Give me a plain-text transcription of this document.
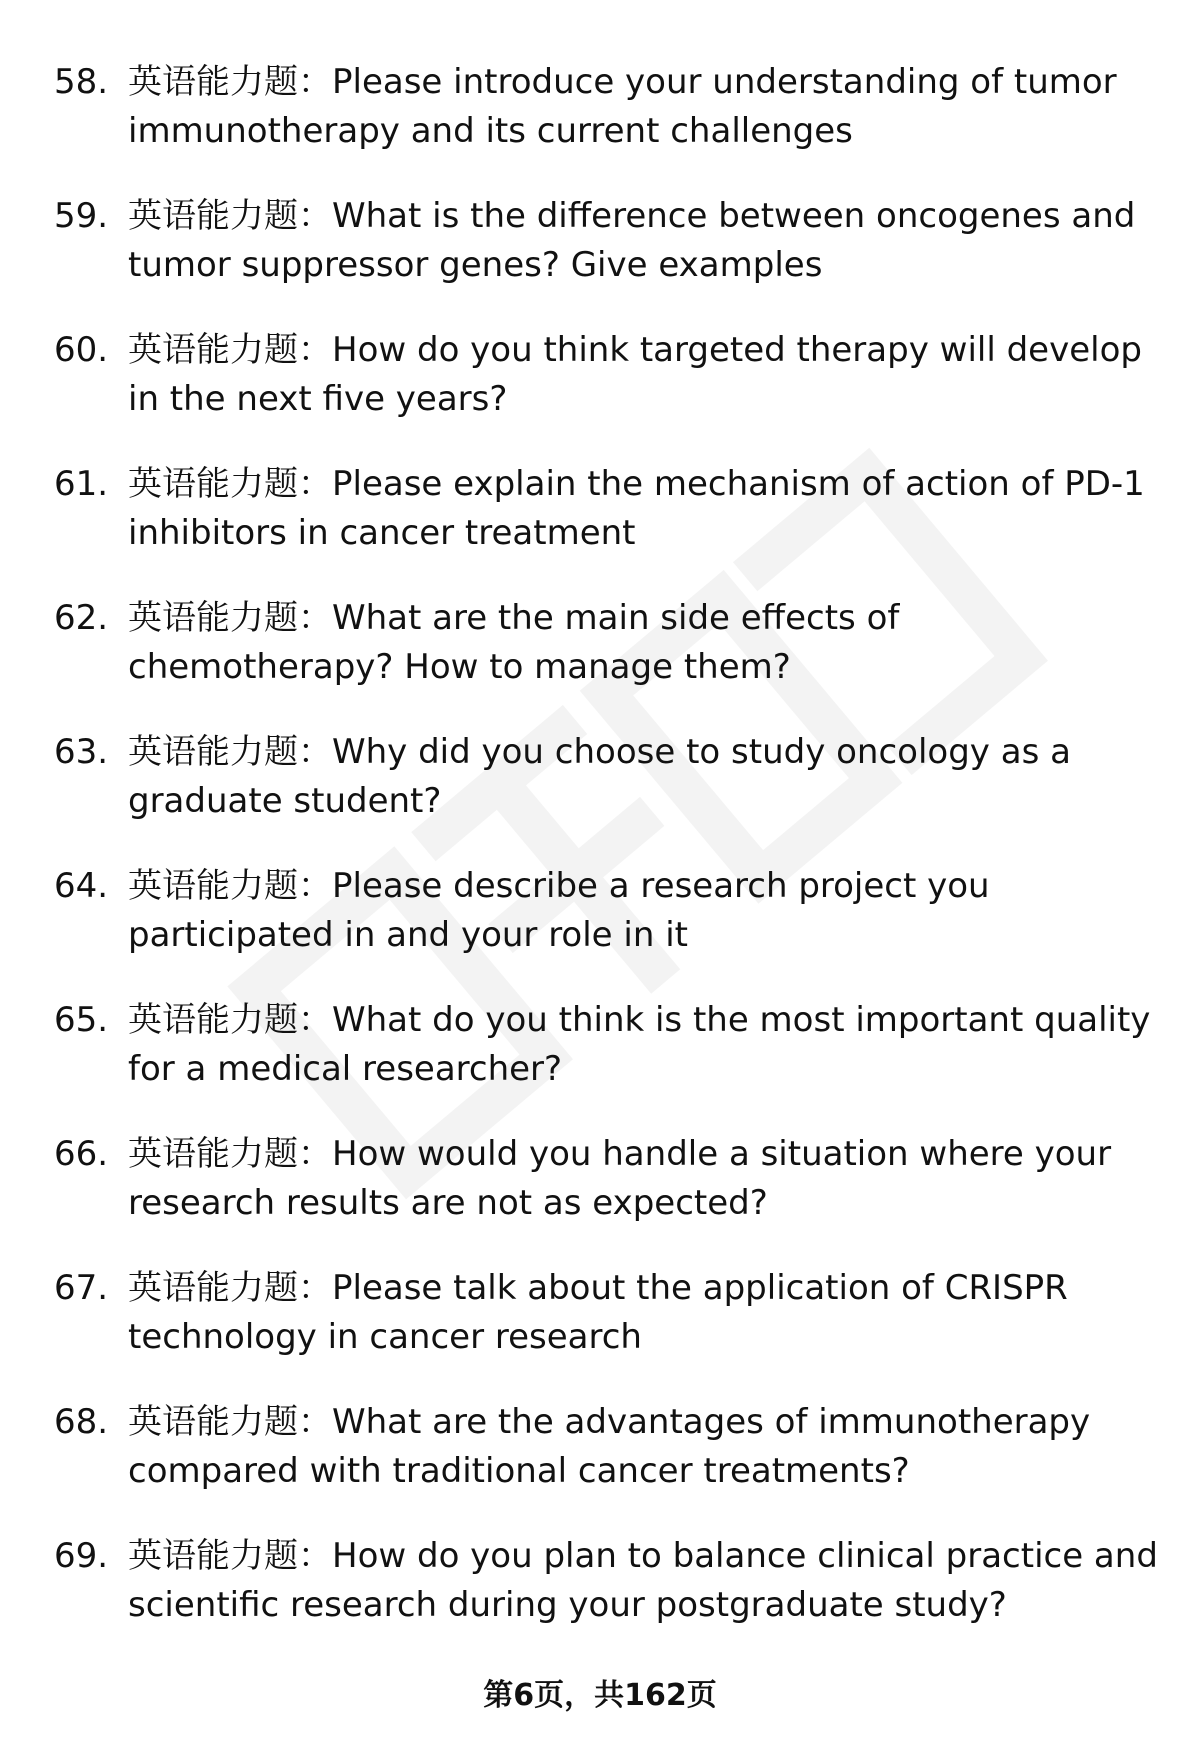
58. 英语能力题：Please introduce your understanding of tumor immunotherapy and its current challenges
59. 英语能力题：What is the difference between oncogenes and tumor suppressor genes? Give examples
60. 英语能力题：How do you think targeted therapy will develop in the next five years?
61. 英语能力题：Please explain the mechanism of action of PD-1 inhibitors in cancer treatment
62. 英语能力题：What are the main side effects of chemotherapy? How to manage them?
63. 英语能力题：Why did you choose to study oncology as a graduate student?
64. 英语能力题：Please describe a research project you participated in and your role in it
65. 英语能力题：What do you think is the most important quality for a medical researcher?
66. 英语能力题：How would you handle a situation where your research results are not as expected?
67. 英语能力题：Please talk about the application of CRISPR technology in cancer research
68. 英语能力题：What are the advantages of immunotherapy compared with traditional cancer treatments?
69. 英语能力题：How do you plan to balance clinical practice and scientific research during your postgraduate study?
第6页，共162页
